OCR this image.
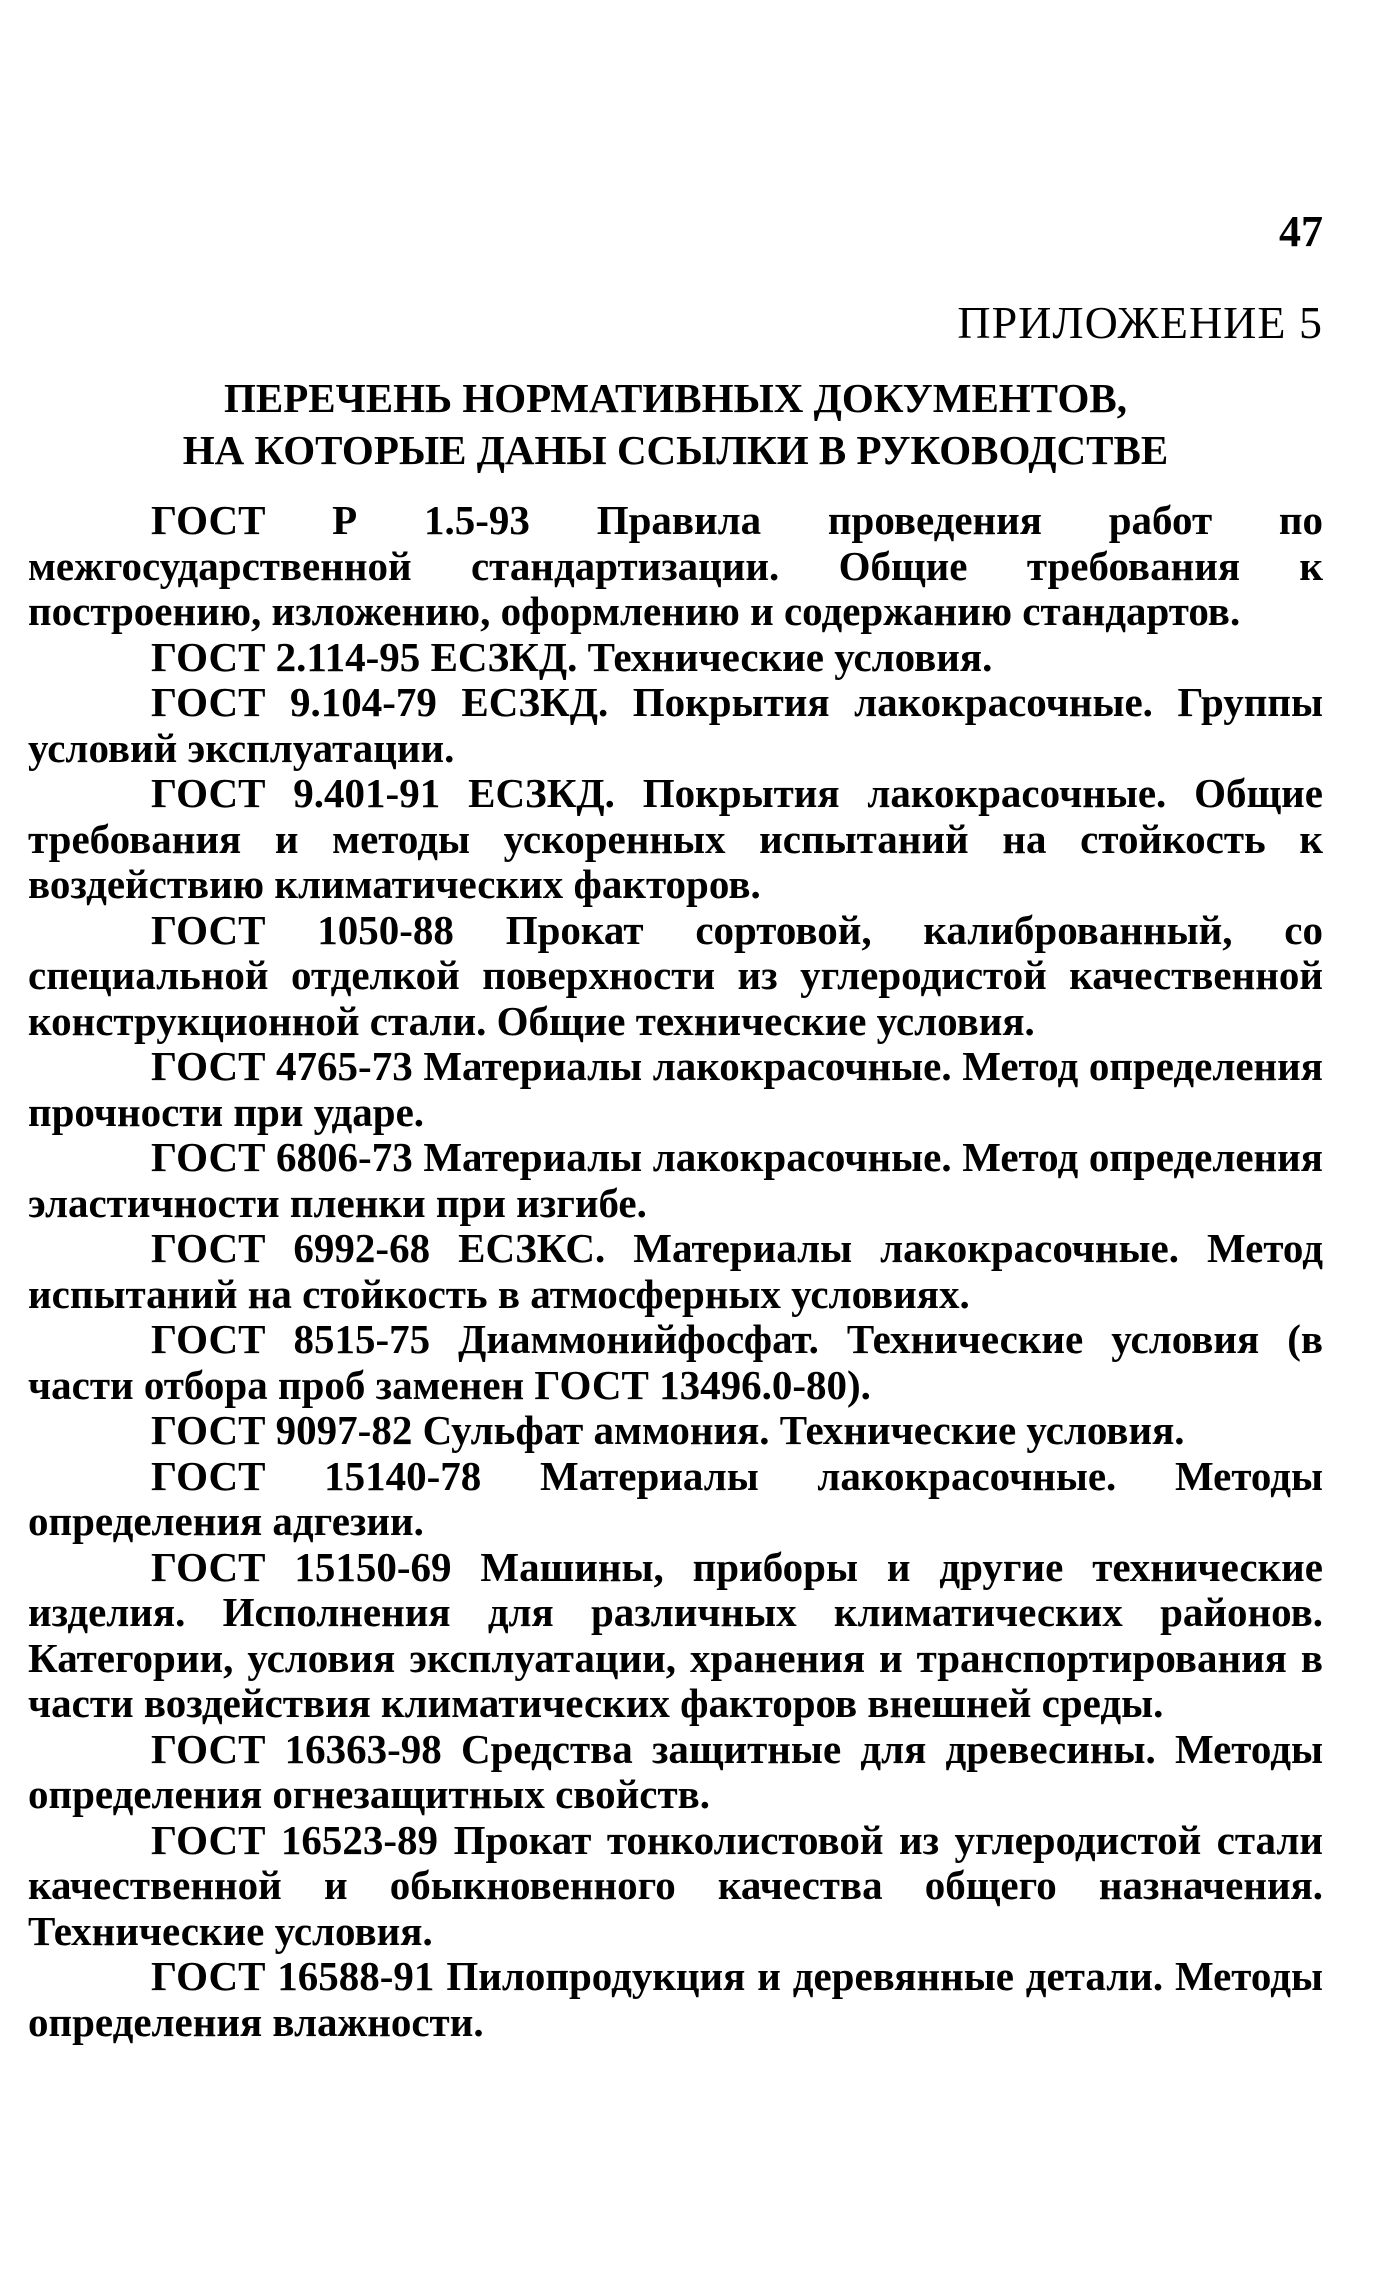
47
ПРИЛОЖЕНИЕ 5
ПЕРЕЧЕНЬ НОРМАТИВНЫХ ДОКУМЕНТОВ,
НА КОТОРЫЕ ДАНЫ ССЫЛКИ В РУКОВОДСТВЕ

ГОСТ Р 1.5-93 Правила проведения работ по межгосударственной стандартизации. Общие требования к построению, изложению, оформлению и содержанию стандартов.

ГОСТ 2.114-95 ЕСЗКД. Технические условия.

ГОСТ 9.104-79 ЕСЗКД. Покрытия лакокрасочные. Группы условий эксплуатации.

ГОСТ 9.401-91 ЕСЗКД. Покрытия лакокрасочные. Общие требования и методы ускоренных испытаний на стойкость к воздействию климатических факторов.

ГОСТ 1050-88 Прокат сортовой, калиброванный, со специальной отделкой поверхности из углеродистой качественной конструкционной стали. Общие технические условия.

ГОСТ 4765-73 Материалы лакокрасочные. Метод определения прочности при ударе.

ГОСТ 6806-73 Материалы лакокрасочные. Метод определения эластичности пленки при изгибе.

ГОСТ 6992-68 ЕСЗКС. Материалы лакокрасочные. Метод испытаний на стойкость в атмосферных условиях.

ГОСТ 8515-75 Диаммонийфосфат. Технические условия (в части отбора проб заменен ГОСТ 13496.0-80).

ГОСТ 9097-82 Сульфат аммония. Технические условия.

ГОСТ 15140-78 Материалы лакокрасочные. Методы определения адгезии.

ГОСТ 15150-69 Машины, приборы и другие технические изделия. Исполнения для различных климатических районов. Категории, условия эксплуатации, хранения и транспортирования в части воздействия климатических факторов внешней среды.

ГОСТ 16363-98 Средства защитные для древесины. Методы определения огнезащитных свойств.

ГОСТ 16523-89 Прокат тонколистовой из углеродистой стали качественной и обыкновенного качества общего назначения. Технические условия.

ГОСТ 16588-91 Пилопродукция и деревянные детали. Методы определения влажности.
